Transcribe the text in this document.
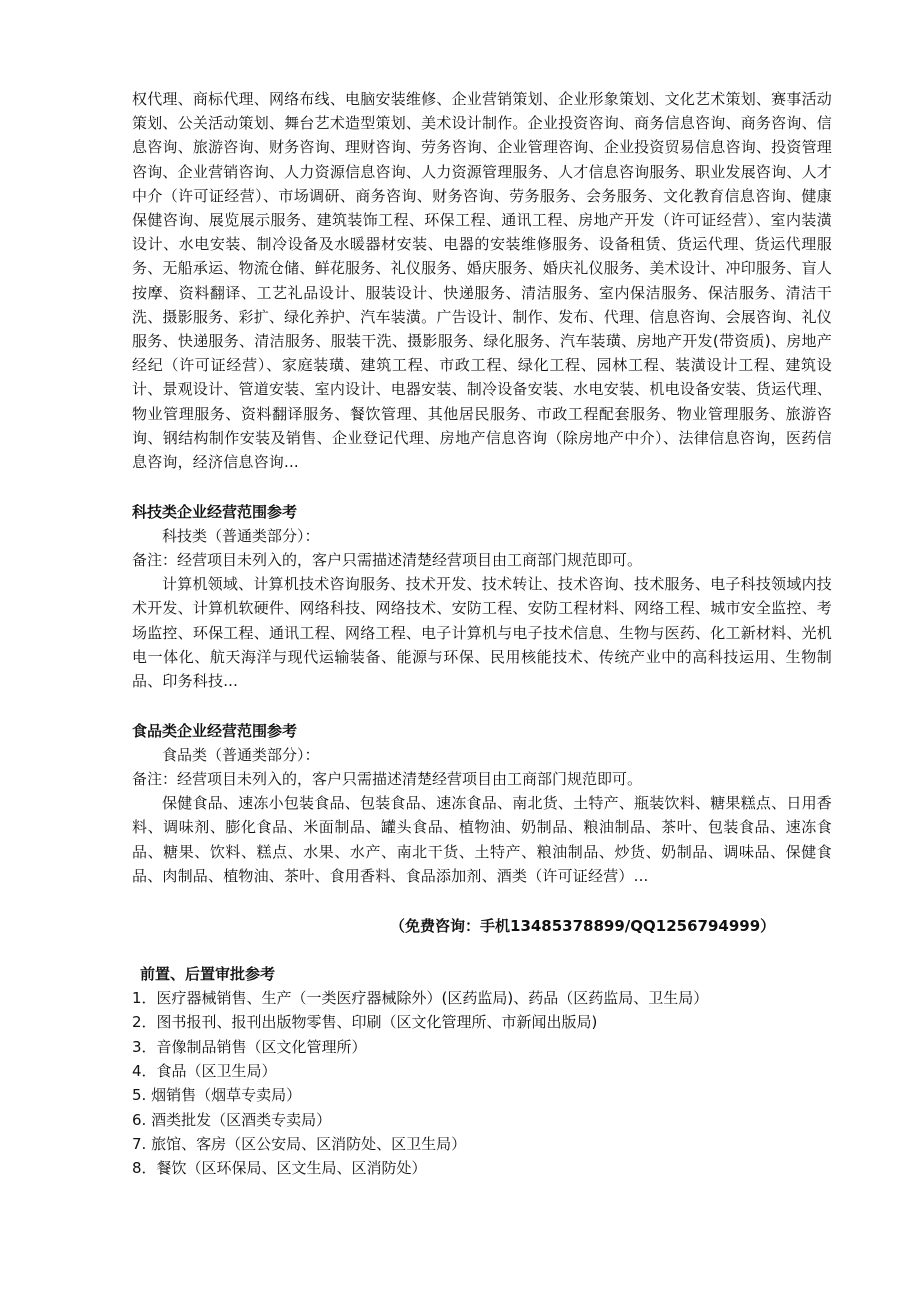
权代理、商标代理、网络布线、电脑安装维修、企业营销策划、企业形象策划、文化艺术策划、赛事活动策划、公关活动策划、舞台艺术造型策划、美术设计制作。企业投资咨询、商务信息咨询、商务咨询、信息咨询、旅游咨询、财务咨询、理财咨询、劳务咨询、企业管理咨询、企业投资贸易信息咨询、投资管理咨询、企业营销咨询、人力资源信息咨询、人力资源管理服务、人才信息咨询服务、职业发展咨询、人才中介（许可证经营）、市场调研、商务咨询、财务咨询、劳务服务、会务服务、文化教育信息咨询、健康保健咨询、展览展示服务、建筑装饰工程、环保工程、通讯工程、房地产开发（许可证经营）、室内装潢设计、水电安装、制冷设备及水暖器材安装、电器的安装维修服务、设备租赁、货运代理、货运代理服务、无船承运、物流仓储、鲜花服务、礼仪服务、婚庆服务、婚庆礼仪服务、美术设计、冲印服务、盲人按摩、资料翻译、工艺礼品设计、服装设计、快递服务、清洁服务、室内保洁服务、保洁服务、清洁干洗、摄影服务、彩扩、绿化养护、汽车装潢。广告设计、制作、发布、代理、信息咨询、会展咨询、礼仪服务、快递服务、清洁服务、服装干洗、摄影服务、绿化服务、汽车装璜、房地产开发(带资质)、房地产经纪（许可证经营）、家庭装璜、建筑工程、市政工程、绿化工程、园林工程、装潢设计工程、建筑设计、景观设计、管道安装、室内设计、电器安装、制冷设备安装、水电安装、机电设备安装、货运代理、物业管理服务、资料翻译服务、餐饮管理、其他居民服务、市政工程配套服务、物业管理服务、旅游咨询、钢结构制作安装及销售、企业登记代理、房地产信息咨询（除房地产中介）、法律信息咨询，医药信息咨询，经济信息咨询...

科技类企业经营范围参考

科技类（普通类部分）：

备注：经营项目未列入的，客户只需描述清楚经营项目由工商部门规范即可。

计算机领域、计算机技术咨询服务、技术开发、技术转让、技术咨询、技术服务、电子科技领域内技术开发、计算机软硬件、网络科技、网络技术、安防工程、安防工程材料、网络工程、城市安全监控、考场监控、环保工程、通讯工程、网络工程、电子计算机与电子技术信息、生物与医药、化工新材料、光机电一体化、航天海洋与现代运输装备、能源与环保、民用核能技术、传统产业中的高科技运用、生物制品、印务科技...

食品类企业经营范围参考

食品类（普通类部分）：

备注：经营项目未列入的，客户只需描述清楚经营项目由工商部门规范即可。

保健食品、速冻小包装食品、包装食品、速冻食品、南北货、土特产、瓶装饮料、糖果糕点、日用香料、调味剂、膨化食品、米面制品、罐头食品、植物油、奶制品、粮油制品、茶叶、包装食品、速冻食品、糖果、饮料、糕点、水果、水产、南北干货、土特产、粮油制品、炒货、奶制品、调味品、保健食品、肉制品、植物油、茶叶、食用香料、食品添加剂、酒类（许可证经营）...

（免费咨询：手机13485378899/QQ1256794999）

前置、后置审批参考

1．医疗器械销售、生产（一类医疗器械除外）(区药监局)、药品（区药监局、卫生局）
2．图书报刊、报刊出版物零售、印刷（区文化管理所、市新闻出版局)
3．音像制品销售（区文化管理所）
4．食品（区卫生局）
5. 烟销售（烟草专卖局）
6. 酒类批发（区酒类专卖局）
7. 旅馆、客房（区公安局、区消防处、区卫生局）
8．餐饮（区环保局、区文生局、区消防处）
